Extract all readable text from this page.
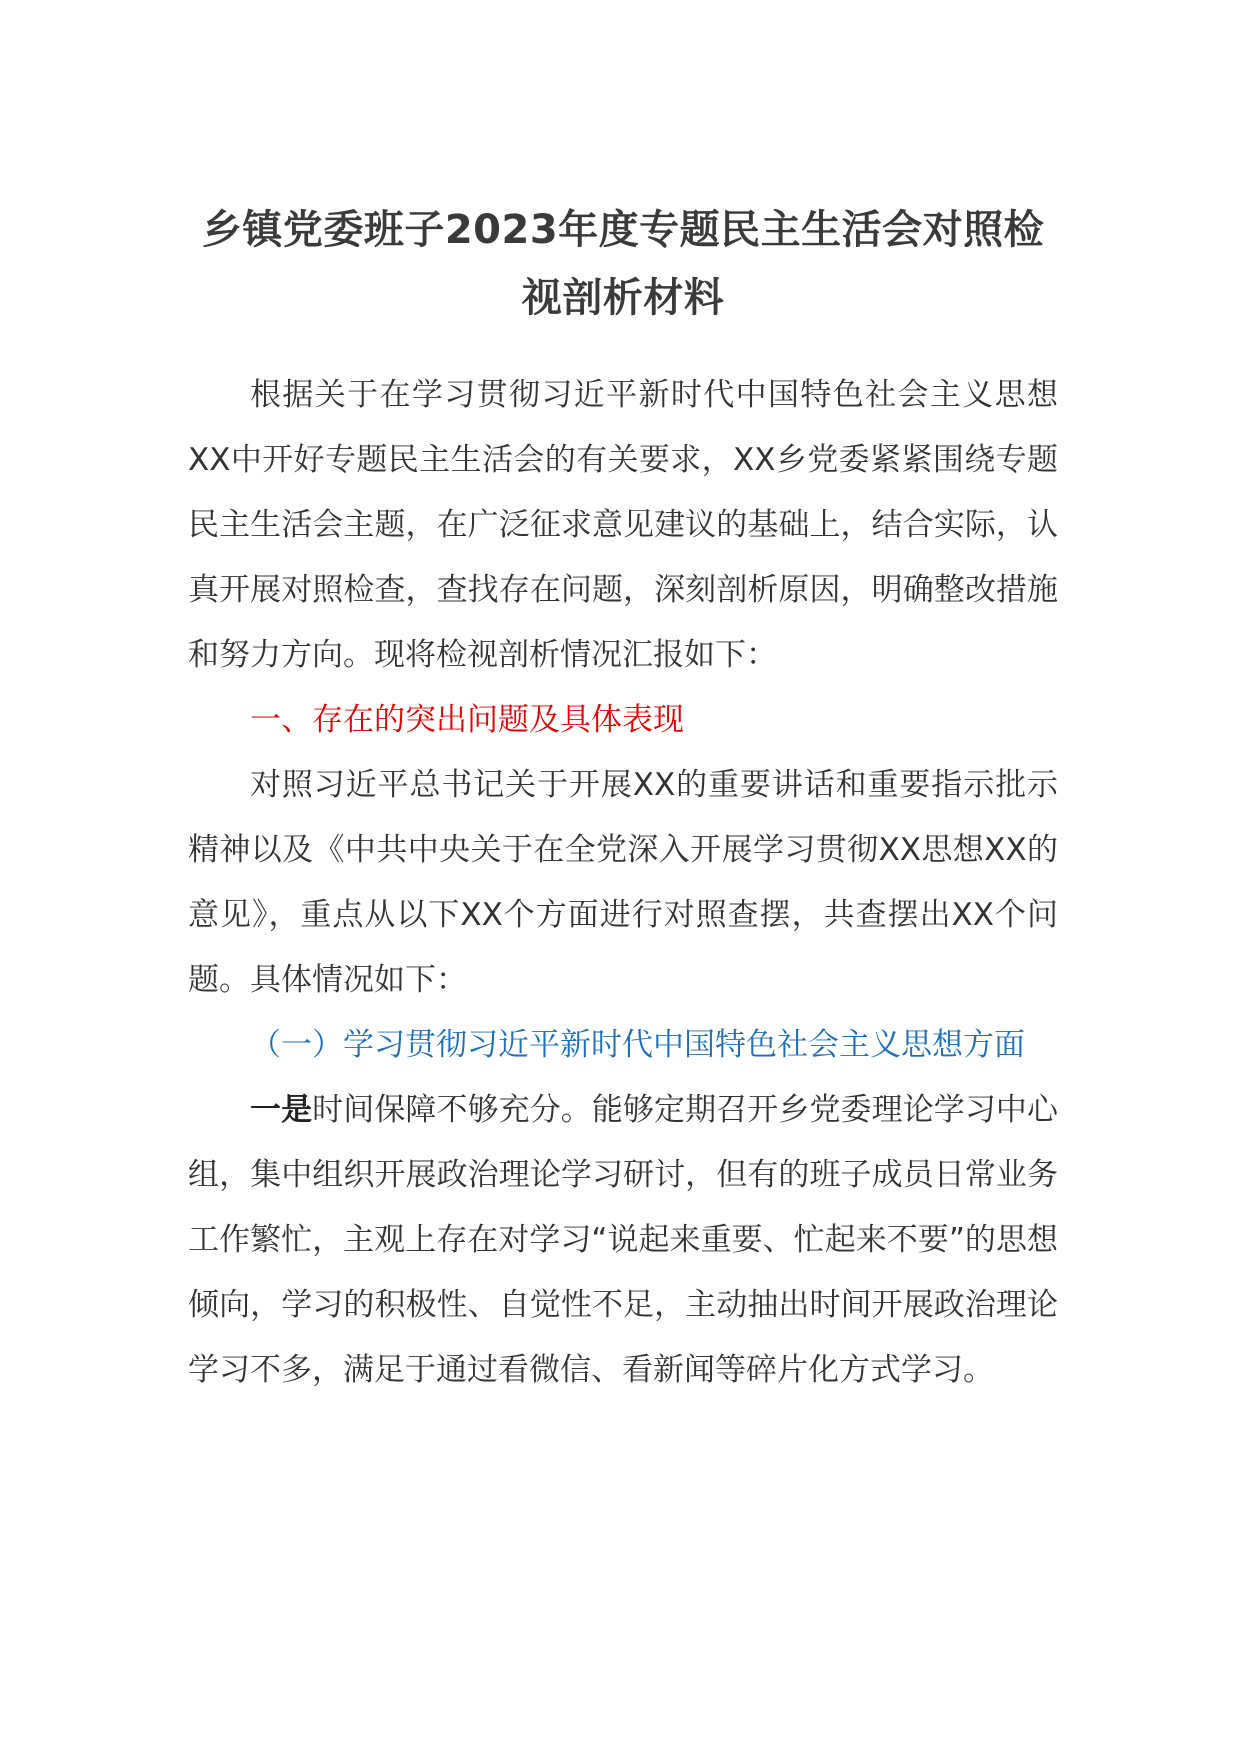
乡镇党委班子2023年度专题民主生活会对照检视剖析材料

根据关于在学习贯彻习近平新时代中国特色社会主义思想XX中开好专题民主生活会的有关要求，XX乡党委紧紧围绕专题民主生活会主题，在广泛征求意见建议的基础上，结合实际，认真开展对照检查，查找存在问题，深刻剖析原因，明确整改措施和努力方向。现将检视剖析情况汇报如下：

一、存在的突出问题及具体表现

对照习近平总书记关于开展XX的重要讲话和重要指示批示精神以及《中共中央关于在全党深入开展学习贯彻XX思想XX的意见》，重点从以下XX个方面进行对照查摆，共查摆出XX个问题。具体情况如下：

（一）学习贯彻习近平新时代中国特色社会主义思想方面

一是时间保障不够充分。能够定期召开乡党委理论学习中心组，集中组织开展政治理论学习研讨，但有的班子成员日常业务工作繁忙，主观上存在对学习“说起来重要、忙起来不要”的思想倾向，学习的积极性、自觉性不足，主动抽出时间开展政治理论学习不多，满足于通过看微信、看新闻等碎片化方式学习。
